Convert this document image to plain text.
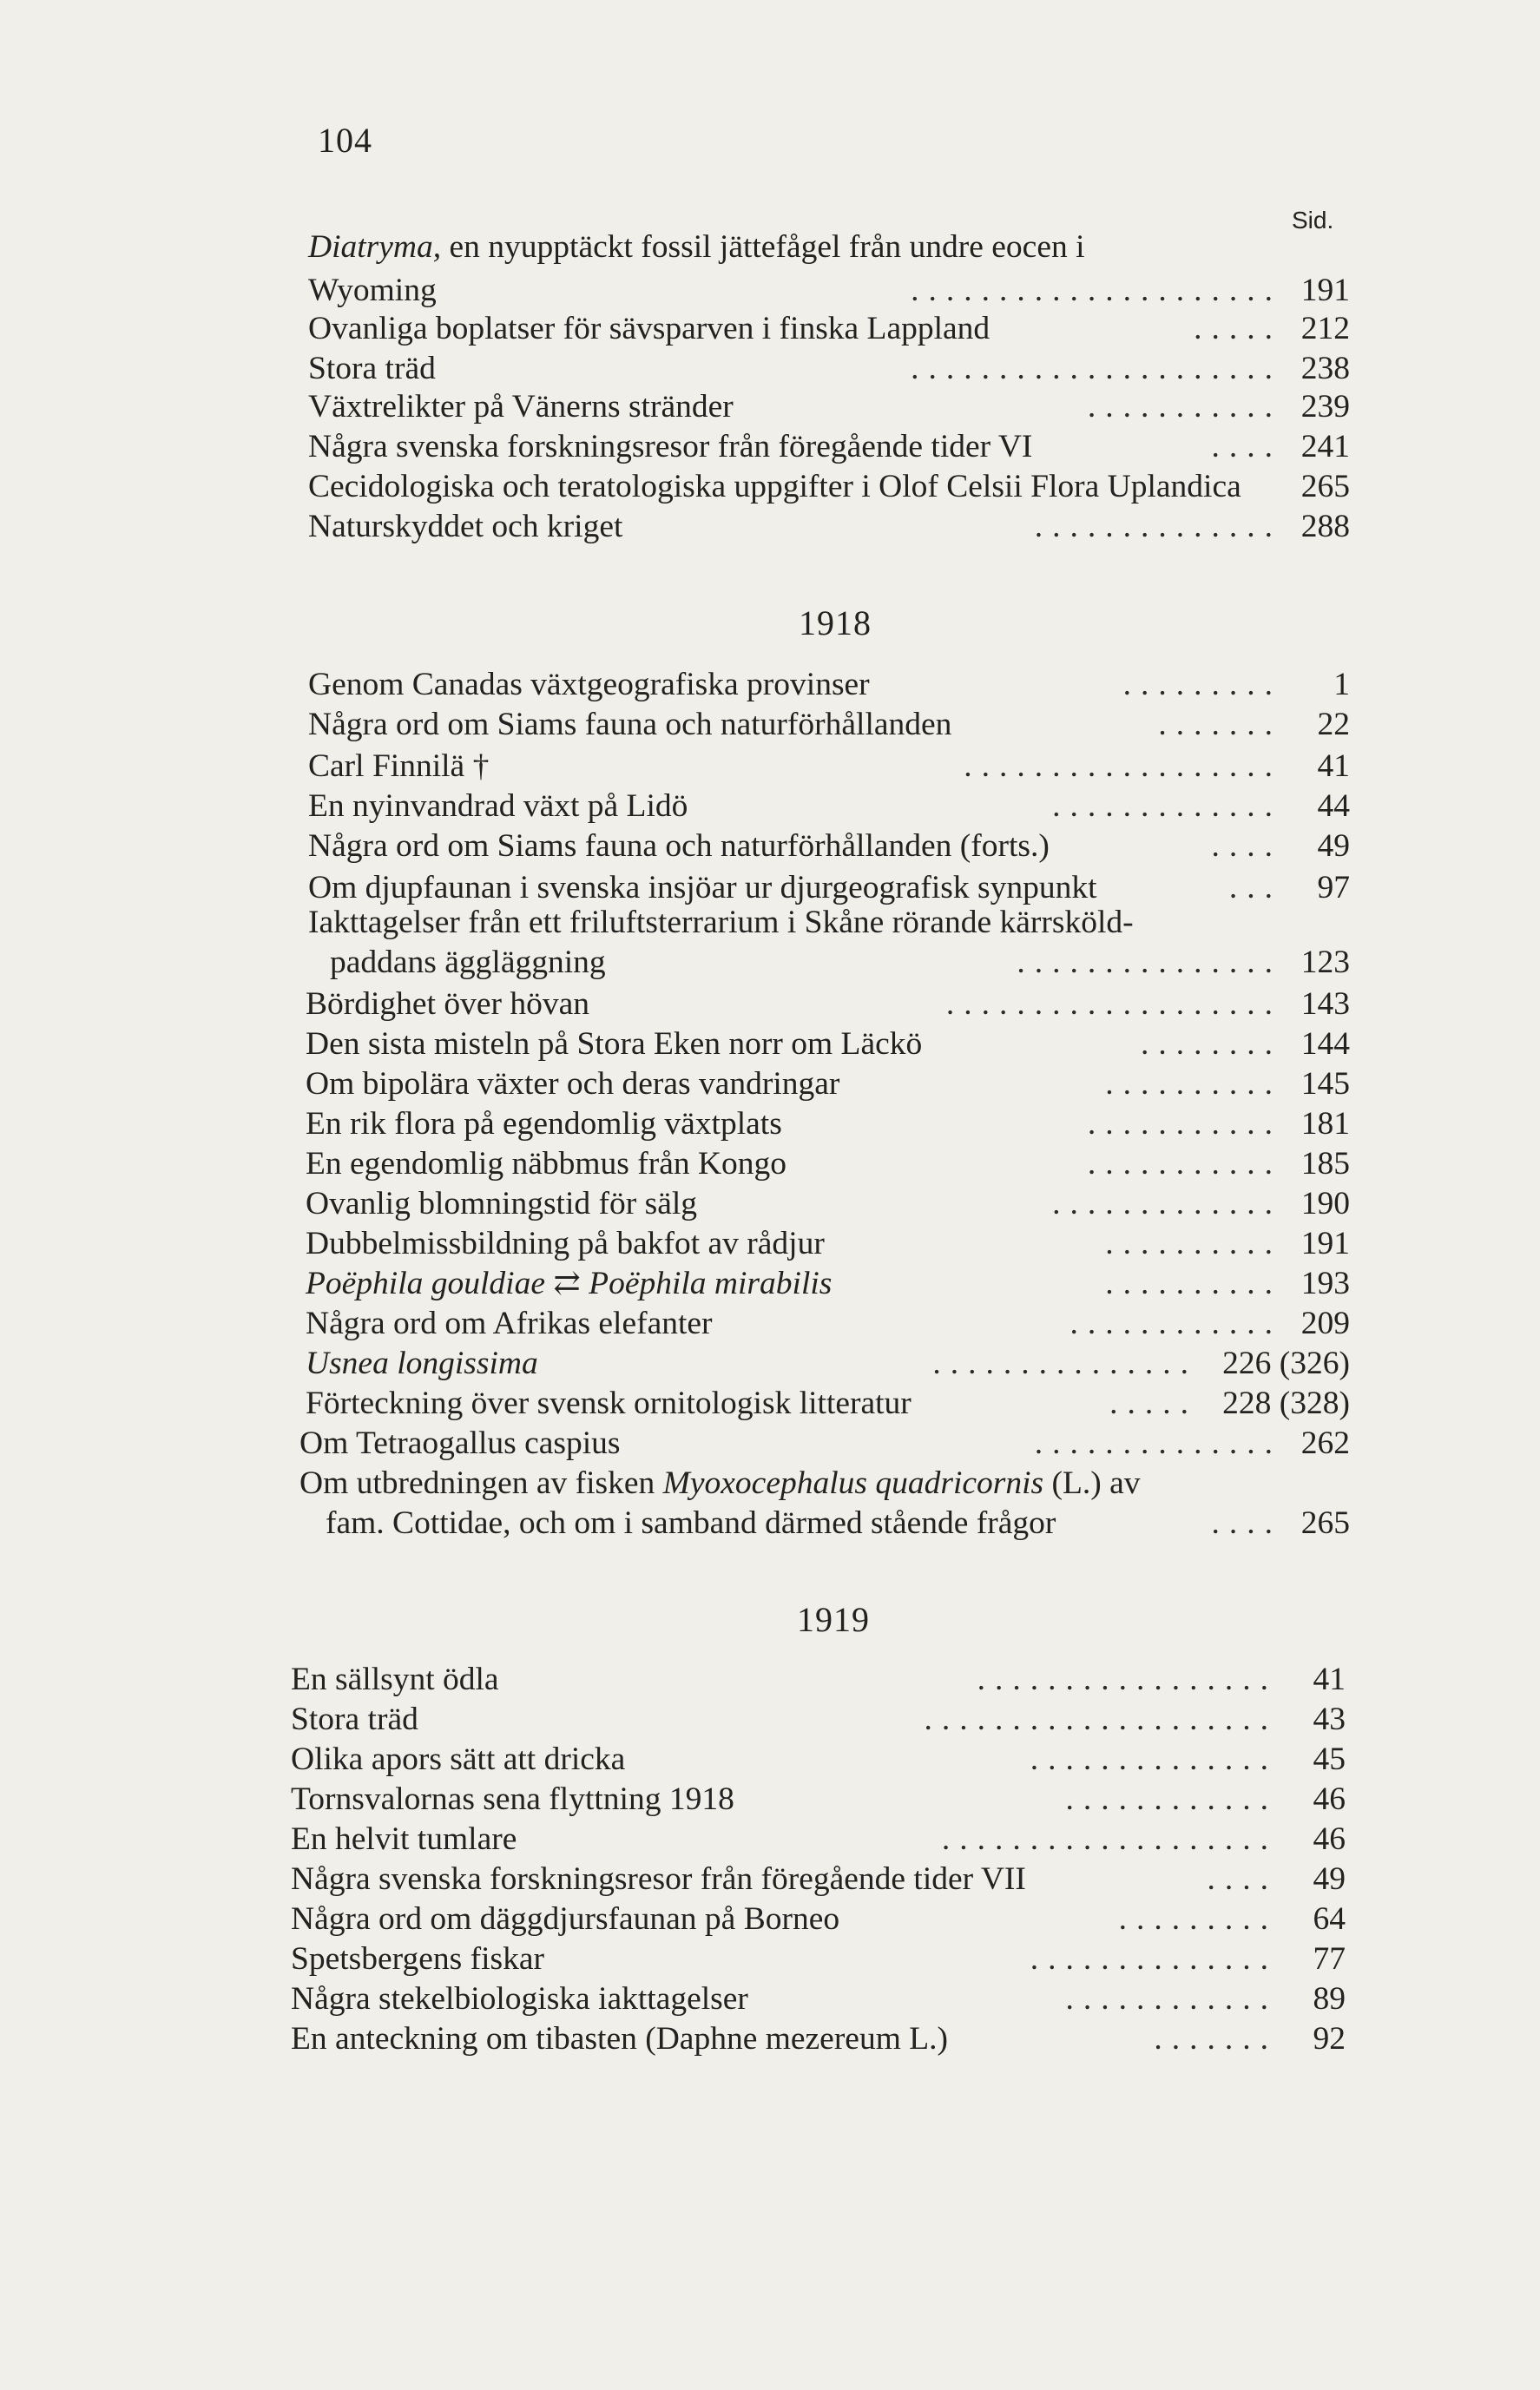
104
Sid.
Diatryma, en nyupptäckt fossil jättefågel från undre eocen i
Wyoming	..................... 191
Ovanliga boplatser för sävsparven i finska Lappland	..... 212
Stora träd	..................... 238
Växtrelikter på Vänerns stränder	........... 239
Några svenska forskningsresor från föregående tider VI	.... 241
Cecidologiska och teratologiska uppgifter i Olof Celsii Flora Uplandica 265
Naturskyddet och kriget	.............. 288
1918
Genom Canadas växtgeografiska provinser	......... 1
Några ord om Siams fauna och naturförhållanden	....... 22
Carl Finnilä †	.................. 41
En nyinvandrad växt på Lidö	............. 44
Några ord om Siams fauna och naturförhållanden (forts.)	.... 49
Om djupfaunan i svenska insjöar ur djurgeografisk synpunkt	... 97
Iakttagelser från ett friluftsterrarium i Skåne rörande kärrsköld-
paddans äggläggning	............... 123
Bördighet över hövan	................... 143
Den sista misteln på Stora Eken norr om Läckö	........ 144
Om bipolära växter och deras vandringar	.......... 145
En rik flora på egendomlig växtplats	........... 181
En egendomlig näbbmus från Kongo	........... 185
Ovanlig blomningstid för sälg	............. 190
Dubbelmissbildning på bakfot av rådjur	.......... 191
Poëphila gouldiae ⇄ Poëphila mirabilis	.......... 193
Några ord om Afrikas elefanter	............ 209
Usnea longissima	............... 226 (326)
Förteckning över svensk ornitologisk litteratur	..... 228 (328)
Om Tetraogallus caspius	.............. 262
Om utbredningen av fisken Myoxocephalus quadricornis (L.) av
fam. Cottidae, och om i samband därmed stående frågor	.... 265
1919
En sällsynt ödla	................. 41
Stora träd	.................... 43
Olika apors sätt att dricka	.............. 45
Tornsvalornas sena flyttning 1918	............ 46
En helvit tumlare	................... 46
Några svenska forskningsresor från föregående tider VII	.... 49
Några ord om däggdjursfaunan på Borneo	......... 64
Spetsbergens fiskar	.............. 77
Några stekelbiologiska iakttagelser	............ 89
En anteckning om tibasten (Daphne mezereum L.)	....... 92
